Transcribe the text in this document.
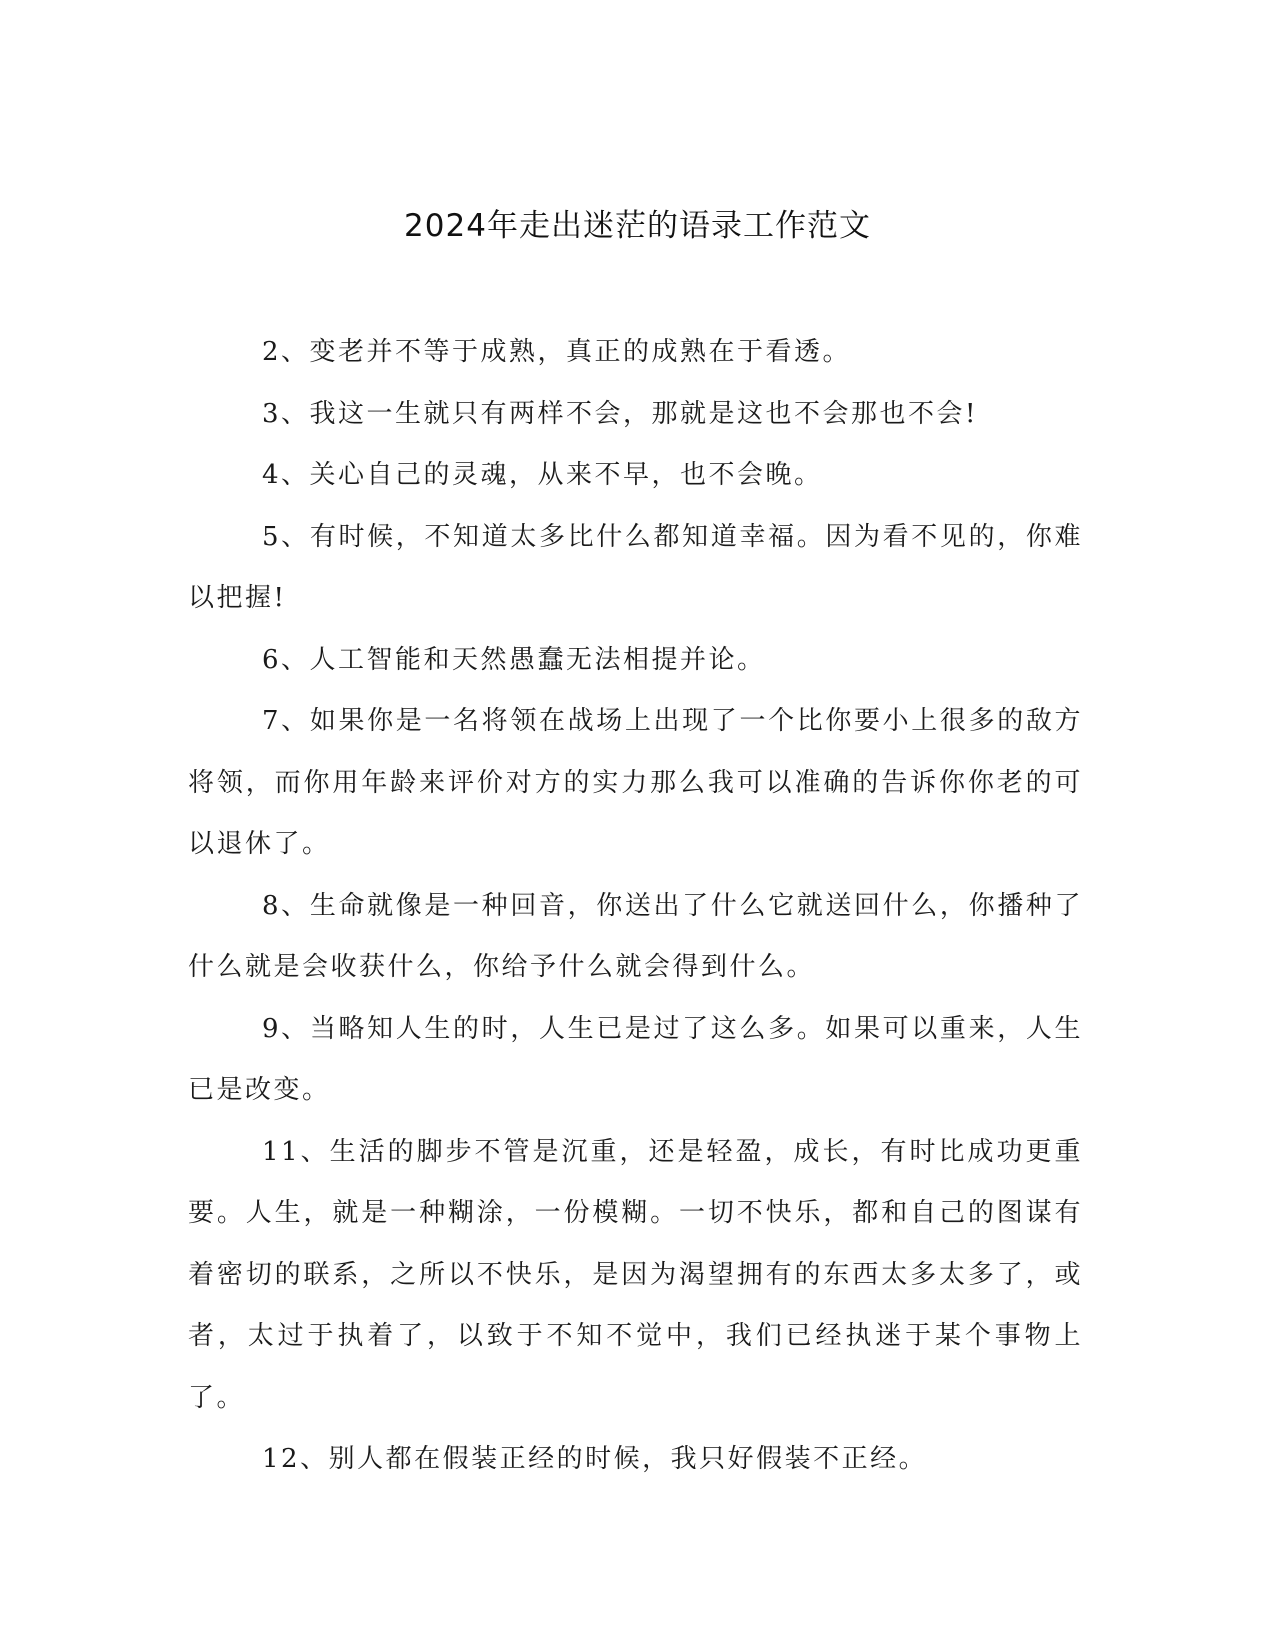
2024年走出迷茫的语录工作范文

2、变老并不等于成熟，真正的成熟在于看透。

3、我这一生就只有两样不会，那就是这也不会那也不会!

4、关心自己的灵魂，从来不早，也不会晚。

5、有时候，不知道太多比什么都知道幸福。因为看不见的，你难以把握!

6、人工智能和天然愚蠢无法相提并论。

7、如果你是一名将领在战场上出现了一个比你要小上很多的敌方将领，而你用年龄来评价对方的实力那么我可以准确的告诉你你老的可以退休了。

8、生命就像是一种回音，你送出了什么它就送回什么，你播种了什么就是会收获什么，你给予什么就会得到什么。

9、当略知人生的时，人生已是过了这么多。如果可以重来，人生已是改变。

11、生活的脚步不管是沉重，还是轻盈，成长，有时比成功更重要。人生，就是一种糊涂，一份模糊。一切不快乐，都和自己的图谋有着密切的联系，之所以不快乐，是因为渴望拥有的东西太多太多了，或者，太过于执着了，以致于不知不觉中，我们已经执迷于某个事物上了。

12、别人都在假装正经的时候，我只好假装不正经。
